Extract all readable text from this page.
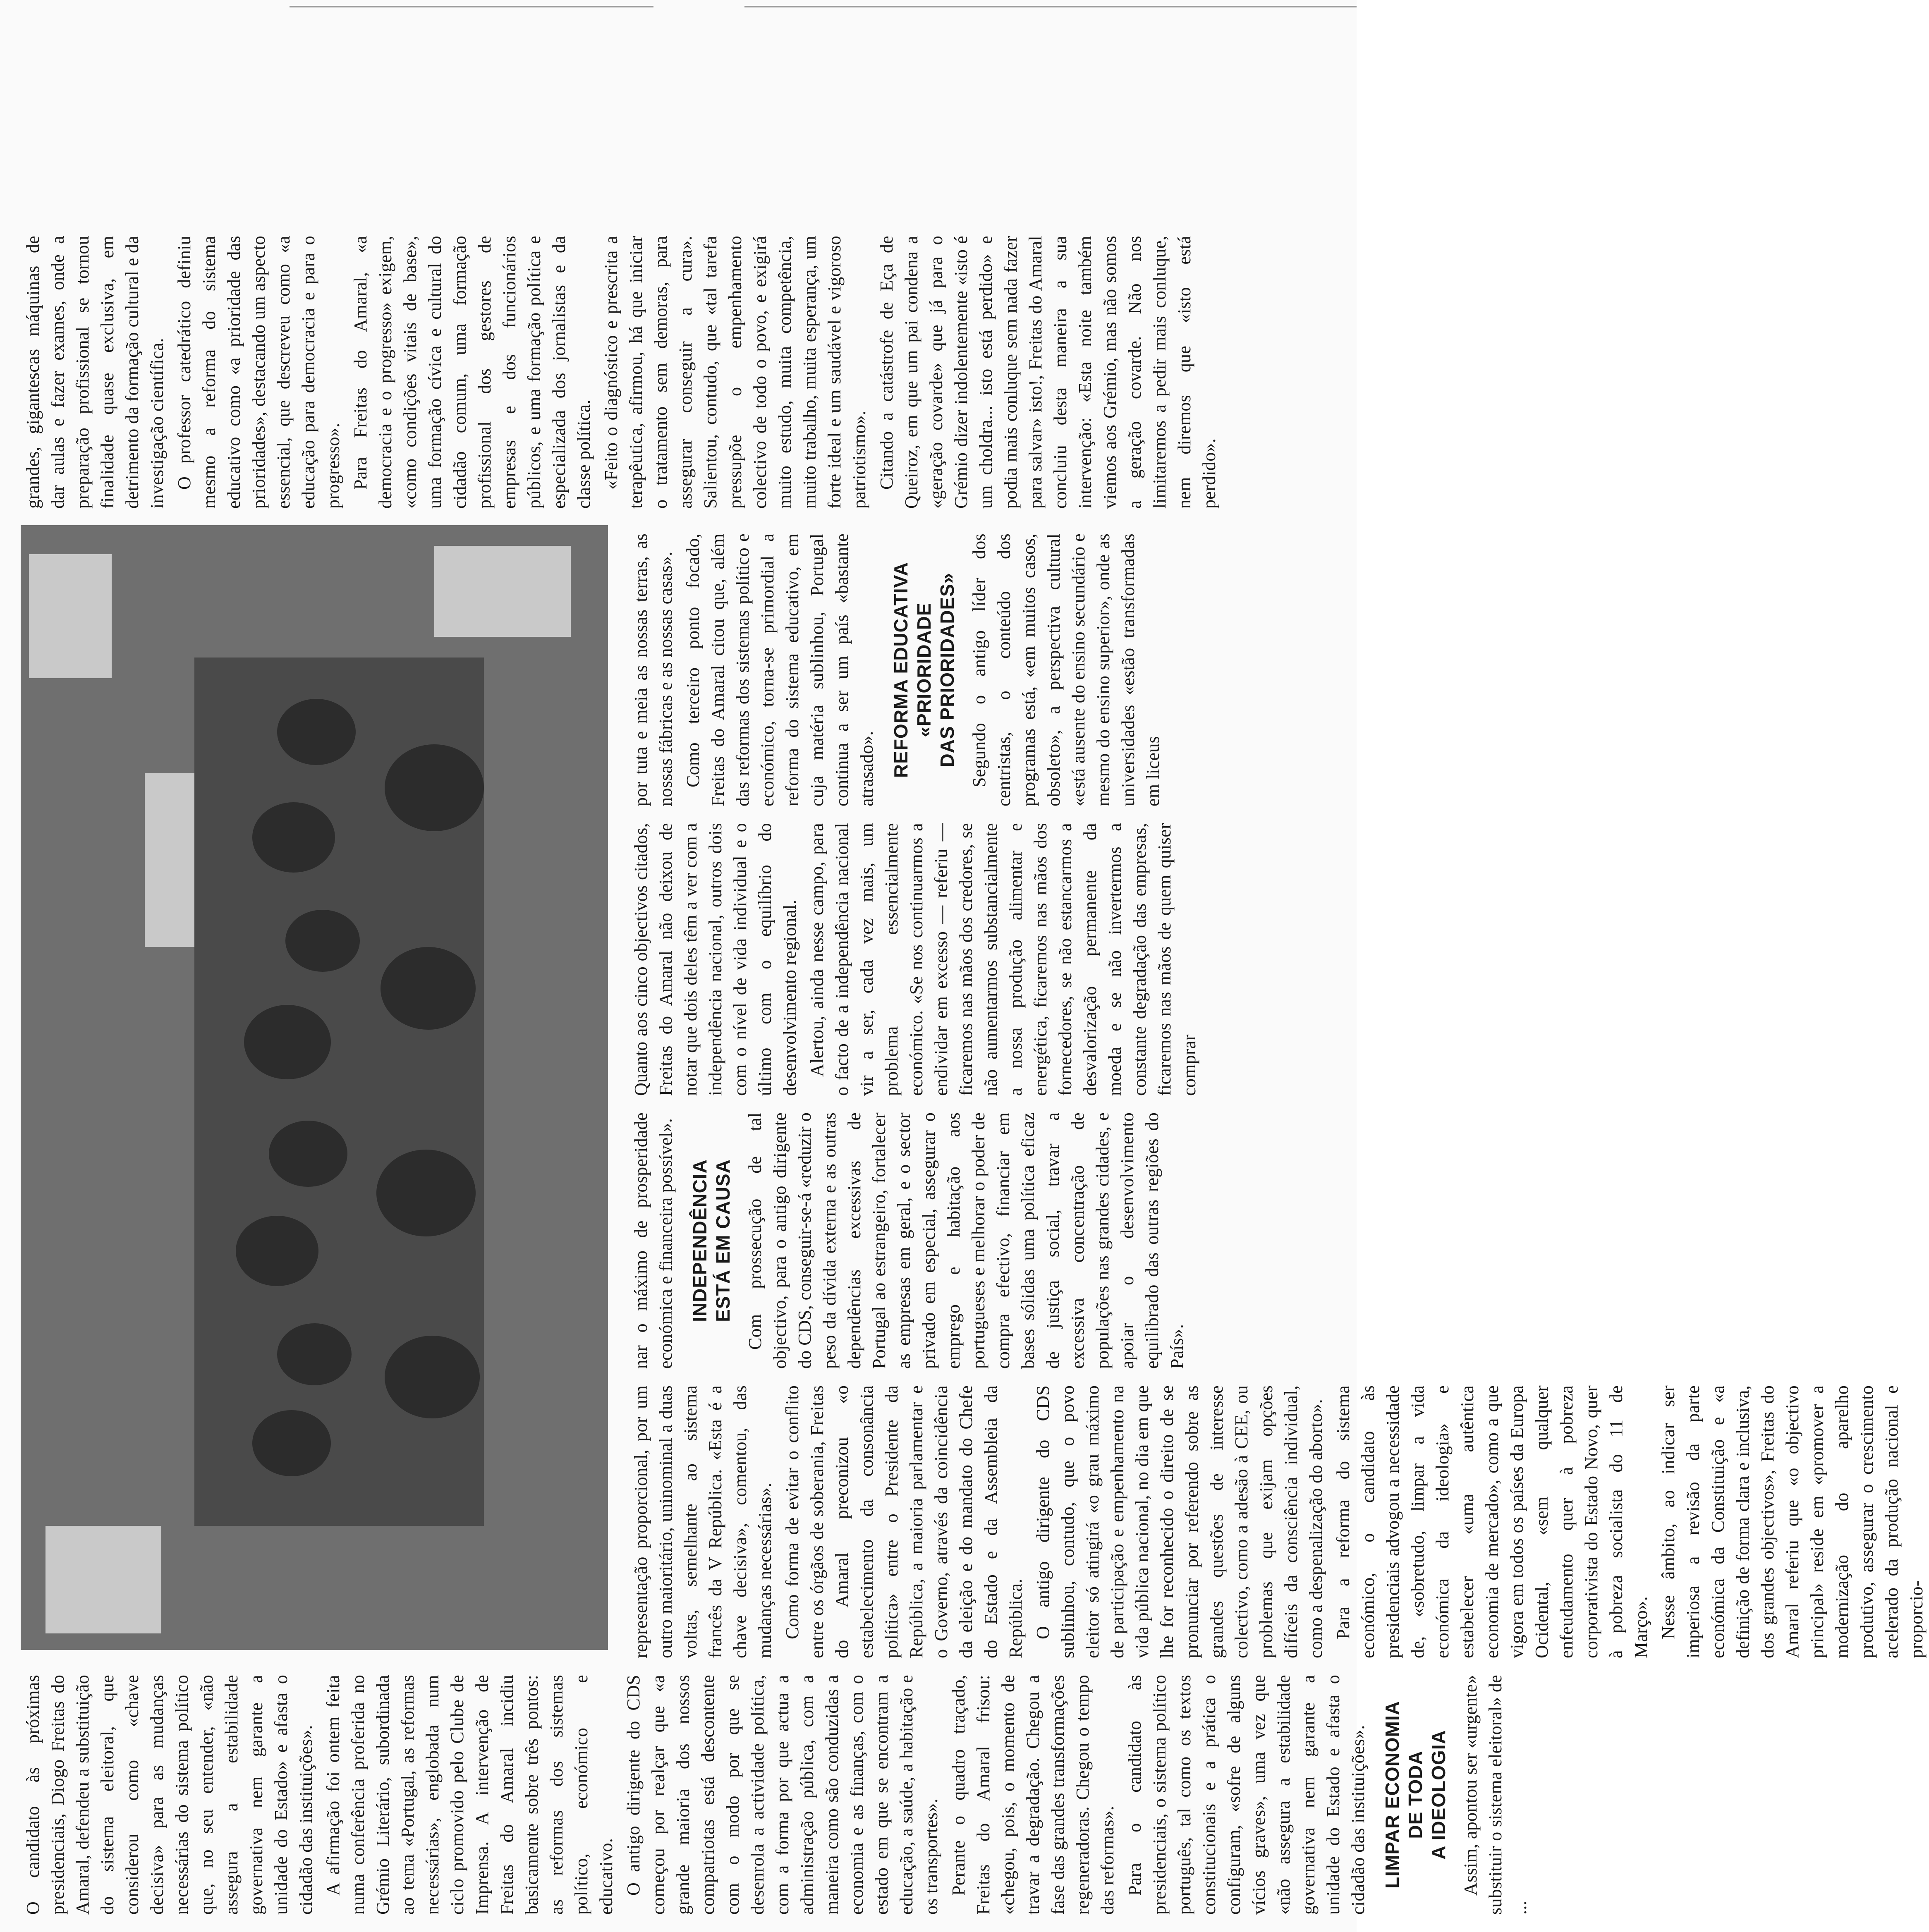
O candidato às próximas presidenciais, Diogo Freitas do Amaral, defendeu a substituição do sistema eleitoral, que considerou como «chave decisiva» para as mudanças necessárias do sistema político que, no seu entender, «não assegura a estabilidade governativa nem garante a unidade do Estado» e afasta o cidadão das instituições». A afirmação foi ontem feita numa conferência proferida no Grémio Literário, subordinada ao tema «Portugal, as reformas necessárias», englobada num ciclo promovido pelo Clube de Imprensa. A intervenção de Freitas do Amaral incidiu basicamente sobre três pontos: as reformas dos sistemas político, económico e educativo. O antigo dirigente do CDS começou por realçar que «a grande maioria dos nossos compatriotas está descontente com o modo por que se desenrola a actividade política, com a forma por que actua a administração pública, com a maneira como são conduzidas a economia e as finanças, com o estado em que se encontram a educação, a saúde, a habitação e os transportes». Perante o quadro traçado, Freitas do Amaral frisou: «chegou, pois, o momento de travar a degradação. Chegou a fase das grandes transformações regeneradoras. Chegou o tempo das reformas». Para o candidato às presidenciais, o sistema político português, tal como os textos constitucionais e a prática o configuram, «sofre de alguns vícios graves», uma vez que «não assegura a estabilidade governativa nem garante a unidade do Estado e afasta o cidadão das instituições». LIMPAR ECONOMIA
DE TODA
A IDEOLOGIA Assim, apontou ser «urgente» substituir o sistema eleitoral» de ...

representação proporcional, por um outro maioritário, uninominal a duas voltas, semelhante ao sistema francês da V República. «Esta é a chave decisiva», comentou, das mudanças necessárias». Como forma de evitar o conflito entre os órgãos de soberania, Freitas do Amaral preconizou «o estabelecimento da consonância política» entre o Presidente da República, a maioria parlamentar e o Governo, através da coincidência da eleição e do mandato do Chefe do Estado e da Assembleia da República. O antigo dirigente do CDS sublinhou, contudo, que o povo eleitor só atingirá «o grau máximo de participação e empenhamento na vida pública nacional, no dia em que lhe for reconhecido o direito de se pronunciar por referendo sobre as grandes questões de interesse colectivo, como a adesão à CEE, ou problemas que exijam opções difíceis da consciência individual, como a despenalização do aborto». Para a reforma do sistema económico, o candidato às presidenciais advogou a necessidade de, «sobretudo, limpar a vida económica da ideologia» e estabelecer «uma autêntica economia de mercado», como a que vigora em todos os países da Europa Ocidental, «sem qualquer enfeudamento quer à pobreza corporativista do Estado Novo, quer à pobreza socialista do 11 de Março». Nesse âmbito, ao indicar ser imperiosa a revisão da parte económica da Constituição e «a definição de forma clara e inclusiva, dos grandes objectivos», Freitas do Amaral referiu que «o objectivo principal» reside em «promover a modernização do aparelho produtivo, assegurar o crescimento acelerado da produção nacional e proporcio-

nar o máximo de prosperidade económica e financeira possível». INDEPENDÊNCIA
ESTÁ EM CAUSA Com prossecução de tal objectivo, para o antigo dirigente do CDS, conseguir-se-á «reduzir o peso da dívida externa e as outras dependências excessivas de Portugal ao estrangeiro, fortalecer as empresas em geral, e o sector privado em especial, assegurar o emprego e habitação aos portugueses e melhorar o poder de compra efectivo, financiar em bases sólidas uma política eficaz de justiça social, travar a excessiva concentração de populações nas grandes cidades, e apoiar o desenvolvimento equilibrado das outras regiões do País».

Quanto aos cinco objectivos citados, Freitas do Amaral não deixou de notar que dois deles têm a ver com a independência nacional, outros dois com o nível de vida individual e o último com o equilíbrio do desenvolvimento regional. Alertou, ainda nesse campo, para o facto de a independência nacional vir a ser, cada vez mais, um problema essencialmente económico. «Se nos continuarmos a endividar em excesso — referiu — ficaremos nas mãos dos credores, se não aumentarmos substancialmente a nossa produção alimentar e energética, ficaremos nas mãos dos fornecedores, se não estancarmos a desvalorização permanente da moeda e se não invertermos a constante degradação das empresas, ficaremos nas mãos de quem quiser comprar

por tuta e meia as nossas terras, as nossas fábricas e as nossas casas». Como terceiro ponto focado, Freitas do Amaral citou que, além das reformas dos sistemas político e económico, torna-se primordial a reforma do sistema educativo, em cuja matéria sublinhou, Portugal continua a ser um país «bastante atrasado». REFORMA EDUCATIVA
«PRIORIDADE
DAS PRIORIDADES» Segundo o antigo líder dos centristas, o conteúdo dos programas está, «em muitos casos, obsoleto», a perspectiva cultural «está ausente do ensino secundário e mesmo do ensino superior», onde as universidades «estão transformadas em liceus

grandes, gigantescas máquinas de dar aulas e fazer exames, onde a preparação profissional se tornou finalidade quase exclusiva, em detrimento da formação cultural e da investigação científica. O professor catedrático definiu mesmo a reforma do sistema educativo como «a prioridade das prioridades», destacando um aspecto essencial, que descreveu como «a educação para democracia e para o progresso». Para Freitas do Amaral, «a democracia e o progresso» exigem, «como condições vitais de base», uma formação cívica e cultural do cidadão comum, uma formação profissional dos gestores de empresas e dos funcionários públicos, e uma formação política e especializada dos jornalistas e da classe política. «Feito o diagnóstico e prescrita a terapêutica, afirmou, há que iniciar o tratamento sem demoras, para assegurar conseguir a cura». Salientou, contudo, que «tal tarefa pressupõe o empenhamento colectivo de todo o povo, e exigirá muito estudo, muita competência, muito trabalho, muita esperança, um forte ideal e um saudável e vigoroso patriotismo». Citando a catástrofe de Eça de Queiroz, em que um pai condena a «geração covarde» que já para o Grémio dizer indolentemente «isto é um choldra... isto está perdido» e podia mais conluque sem nada fazer para salvar» isto!, Freitas do Amaral concluiu desta maneira a sua intervenção: «Esta noite também viemos aos Grémio, mas não somos a geração covarde. Não nos limitaremos a pedir mais conluque, nem diremos que «isto está perdido».
